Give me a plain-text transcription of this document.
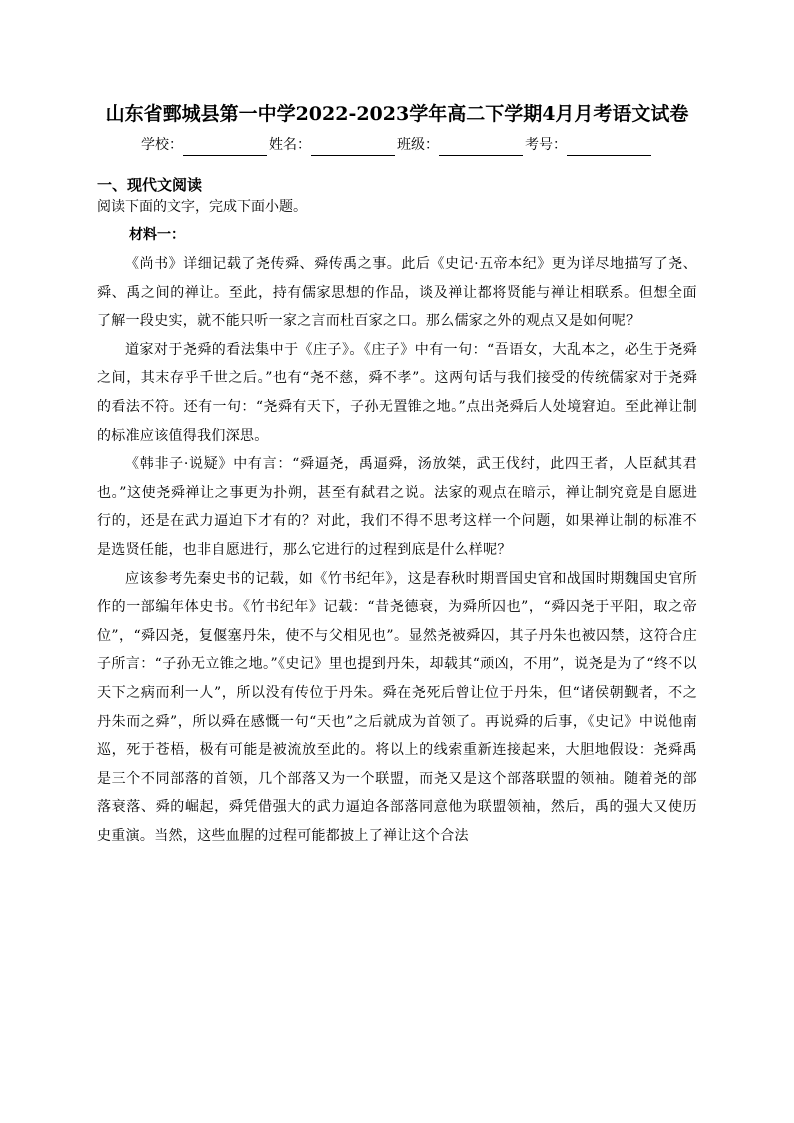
山东省鄄城县第一中学2022-2023学年高二下学期4月月考语文试卷
学校：	姓名：	班级：	考号：
一、现代文阅读

阅读下面的文字，完成下面小题。

材料一：

《尚书》详细记载了尧传舜、舜传禹之事。此后《史记·五帝本纪》更为详尽地描写了尧、舜、禹之间的禅让。至此，持有儒家思想的作品，谈及禅让都将贤能与禅让相联系。但想全面了解一段史实，就不能只听一家之言而杜百家之口。那么儒家之外的观点又是如何呢？

道家对于尧舜的看法集中于《庄子》。《庄子》中有一句：“吾语女，大乱本之，必生于尧舜之间，其末存乎千世之后。”也有“尧不慈，舜不孝”。这两句话与我们接受的传统儒家对于尧舜的看法不符。还有一句：“尧舜有天下，子孙无置锥之地。”点出尧舜后人处境窘迫。至此禅让制的标准应该值得我们深思。

《韩非子·说疑》中有言：“舜逼尧，禹逼舜，汤放桀，武王伐纣，此四王者，人臣弑其君也。”这使尧舜禅让之事更为扑朔，甚至有弑君之说。法家的观点在暗示，禅让制究竟是自愿进行的，还是在武力逼迫下才有的？对此，我们不得不思考这样一个问题，如果禅让制的标准不是选贤任能，也非自愿进行，那么它进行的过程到底是什么样呢？

应该参考先秦史书的记载，如《竹书纪年》，这是春秋时期晋国史官和战国时期魏国史官所作的一部编年体史书。《竹书纪年》记载：“昔尧德衰，为舜所囚也”，“舜囚尧于平阳，取之帝位”，“舜囚尧，复偃塞丹朱，使不与父相见也”。显然尧被舜囚，其子丹朱也被囚禁，这符合庄子所言：“子孙无立锥之地。”《史记》里也提到丹朱，却载其“顽凶，不用”，说尧是为了“终不以天下之病而利一人”，所以没有传位于丹朱。舜在尧死后曾让位于丹朱，但“诸侯朝觐者，不之丹朱而之舜”，所以舜在感慨一句“天也”之后就成为首领了。再说舜的后事，《史记》中说他南巡，死于苍梧，极有可能是被流放至此的。将以上的线索重新连接起来，大胆地假设：尧舜禹是三个不同部落的首领，几个部落又为一个联盟，而尧又是这个部落联盟的领袖。随着尧的部落衰落、舜的崛起，舜凭借强大的武力逼迫各部落同意他为联盟领袖，然后，禹的强大又使历史重演。当然，这些血腥的过程可能都披上了禅让这个合法
